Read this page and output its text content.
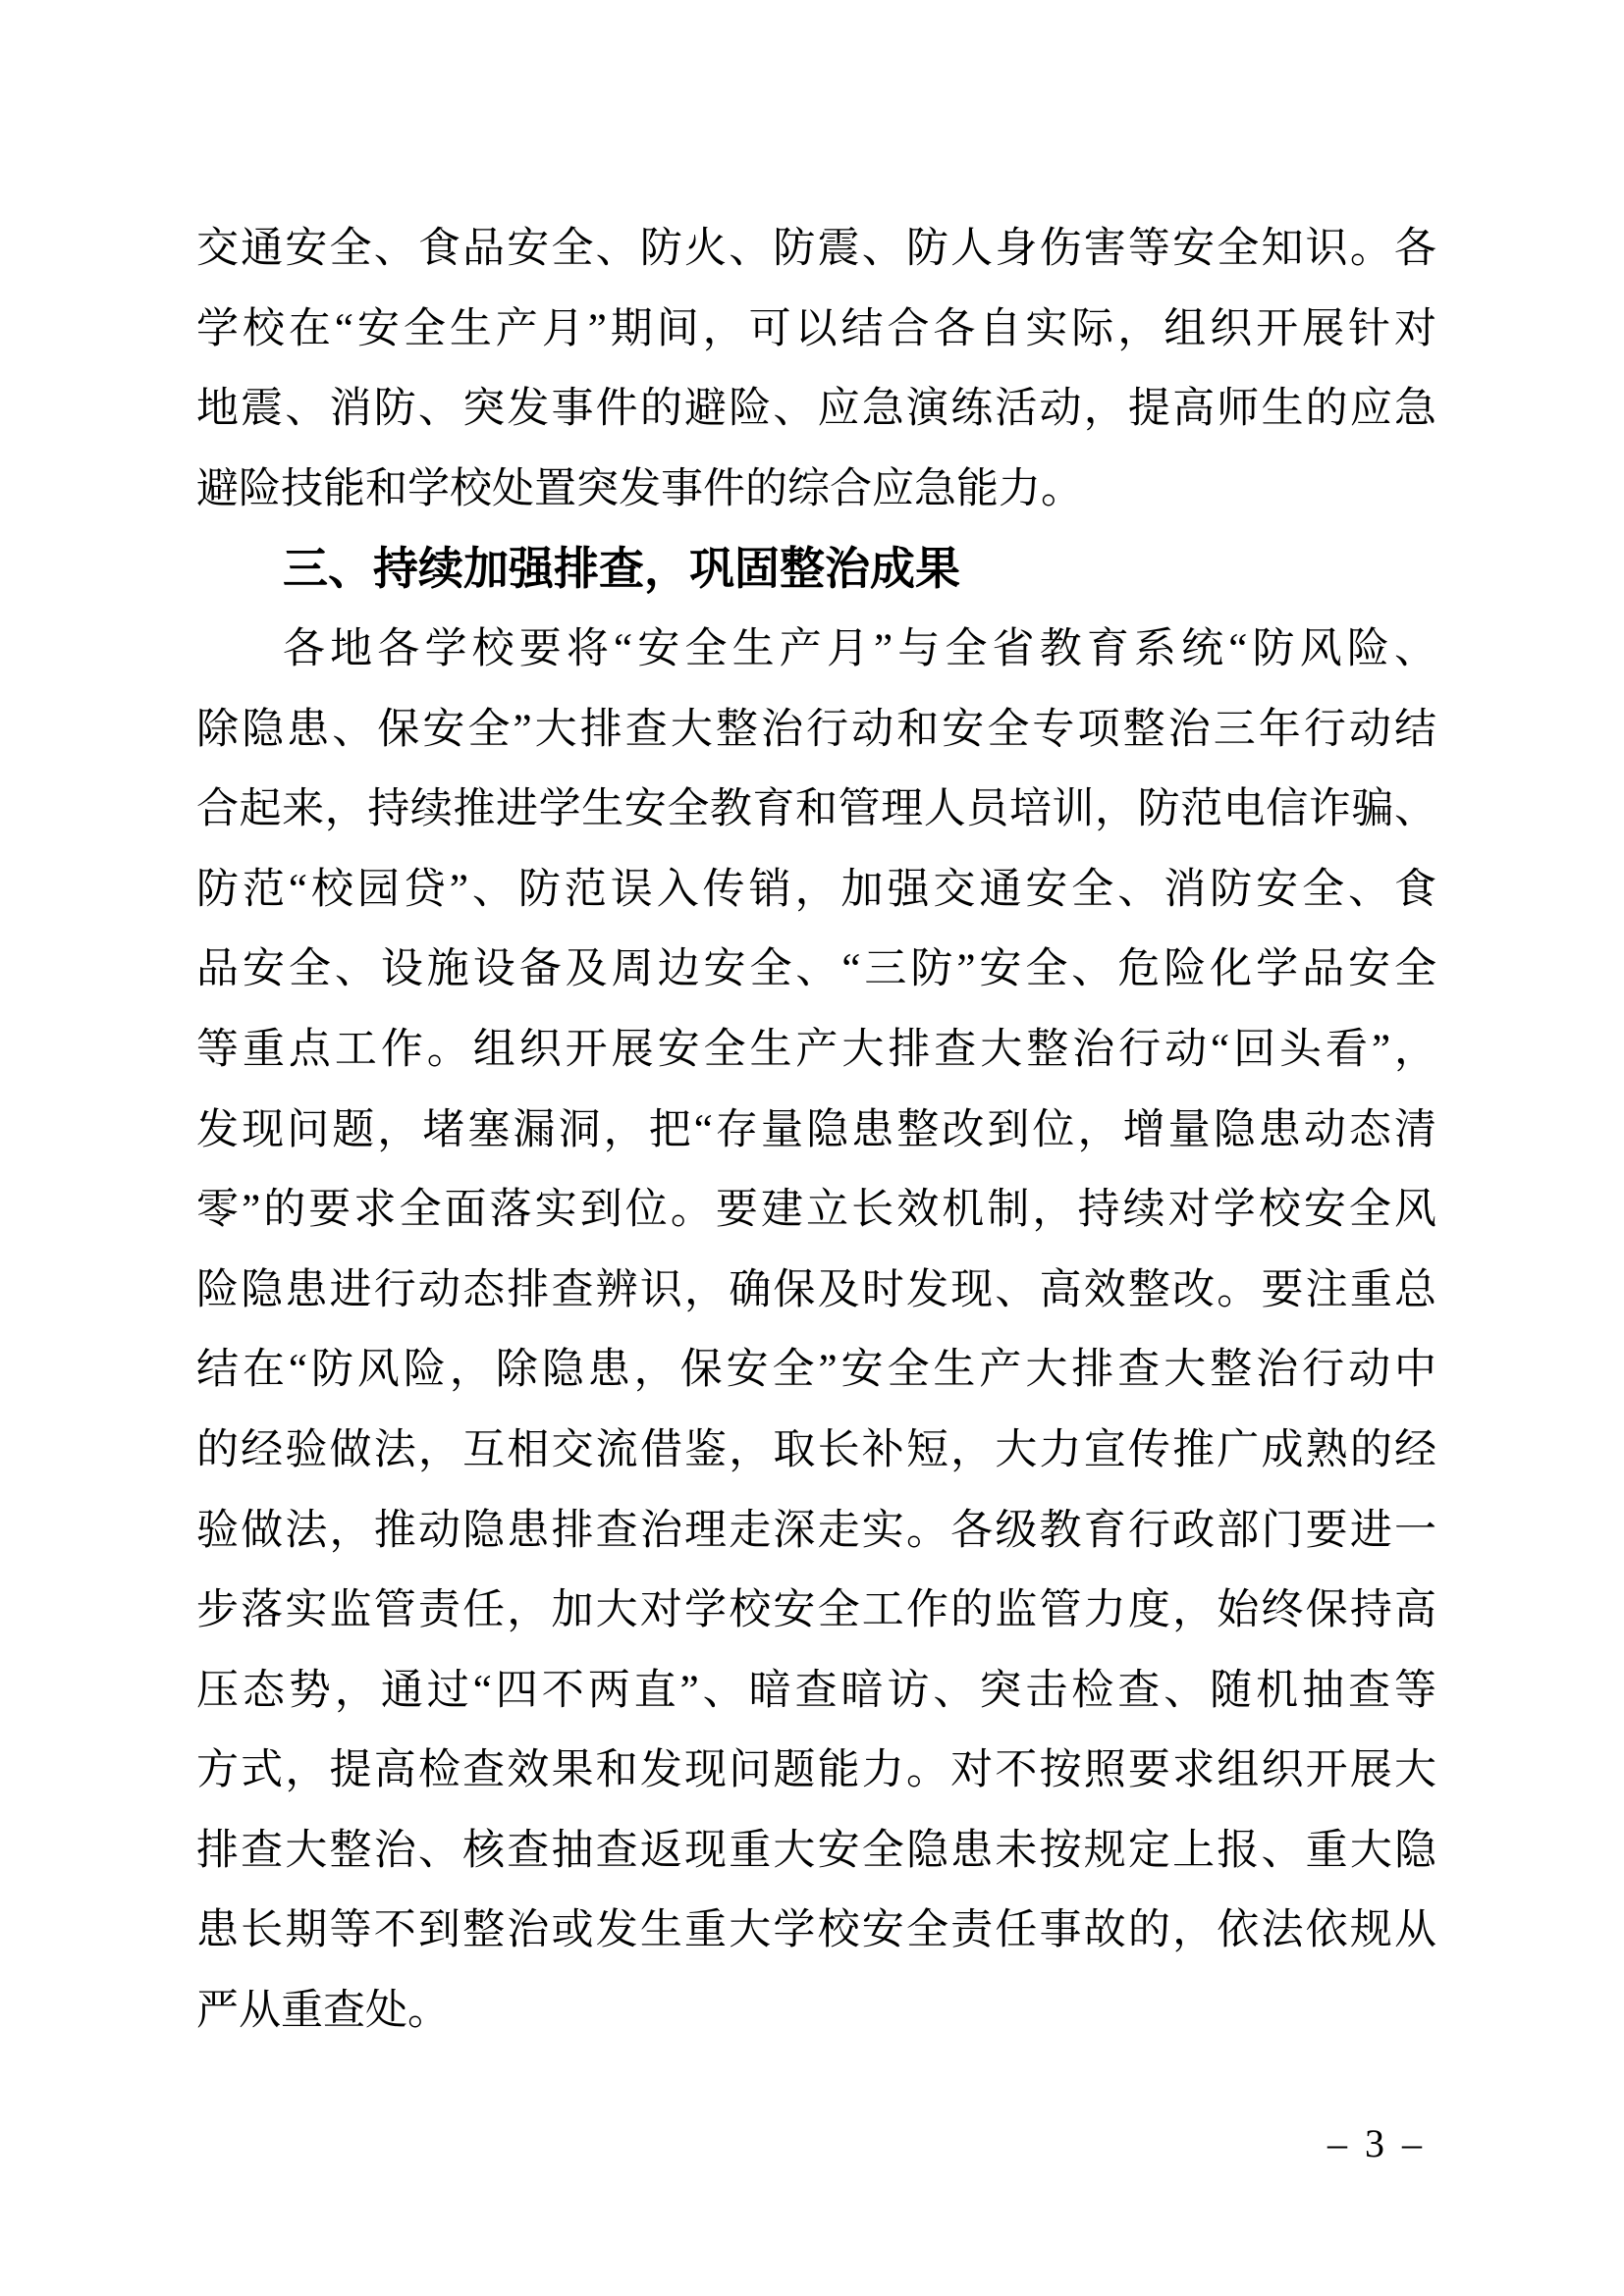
交通安全、食品安全、防火、防震、防人身伤害等安全知识。各
学校在“安全生产月”期间，可以结合各自实际，组织开展针对
地震、消防、突发事件的避险、应急演练活动，提高师生的应急
避险技能和学校处置突发事件的综合应急能力。
三、持续加强排查，巩固整治成果
各地各学校要将“安全生产月”与全省教育系统“防风险、
除隐患、保安全”大排查大整治行动和安全专项整治三年行动结
合起来，持续推进学生安全教育和管理人员培训，防范电信诈骗、
防范“校园贷”、防范误入传销，加强交通安全、消防安全、食
品安全、设施设备及周边安全、“三防”安全、危险化学品安全
等重点工作。组织开展安全生产大排查大整治行动“回头看”，
发现问题，堵塞漏洞，把“存量隐患整改到位，增量隐患动态清
零”的要求全面落实到位。要建立长效机制，持续对学校安全风
险隐患进行动态排查辨识，确保及时发现、高效整改。要注重总
结在“防风险，除隐患，保安全”安全生产大排查大整治行动中
的经验做法，互相交流借鉴，取长补短，大力宣传推广成熟的经
验做法，推动隐患排查治理走深走实。各级教育行政部门要进一
步落实监管责任，加大对学校安全工作的监管力度，始终保持高
压态势，通过“四不两直”、暗查暗访、突击检查、随机抽查等
方式，提高检查效果和发现问题能力。对不按照要求组织开展大
排查大整治、核查抽查返现重大安全隐患未按规定上报、重大隐
患长期等不到整治或发生重大学校安全责任事故的，依法依规从
严从重查处。
– 3 –
